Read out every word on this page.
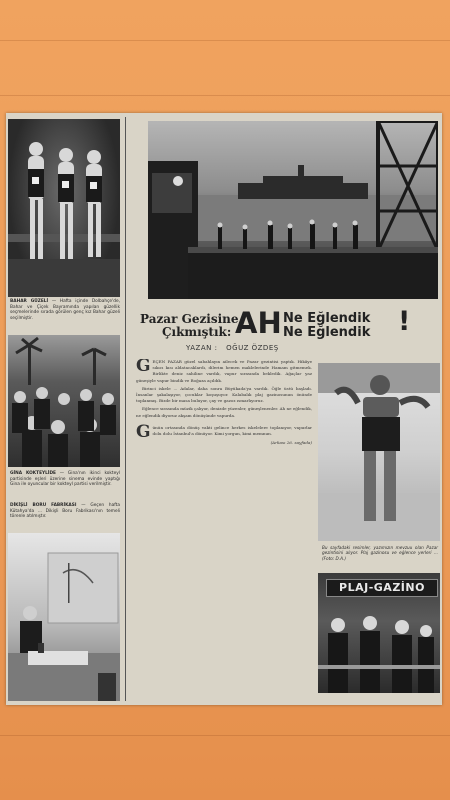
BAHAR GÜZELİ — Hafta içinde Dolbahçe'de, Bahar ve Çiçek Bayramında yapılan güzellik seçmelerinde sırada görülen genç kız Bahar güzeli seçilmiştir.
GİNA KOKTEYLİDE — Gina'nın ikinci kokteyl partisinde eşleri üzerine sinema evinde yaptığı Gina ile oyuncular bir kokteyl partisi verilmiştir.
DİKİŞLİ BORU FABRİKASI — Geçen hafta Kütahya'da ... Dikişli Boru Fabrikası'nın temeli törenle atılmıştır.
Pazar Gezisine
Çıkmıştık: AH Ne Eğlendik
Ne Eğlendik !
YAZAN : OĞUZ ÖZDEŞ
G EÇEN PAZAR güzel sabahlayın ailecek ve Pazar gezintisi yaptık. Hikâye sıkıcı kısı aldatacaklardı, dilerim hemen maklelerinde Hamam gitmemek. Birlikte deniz sahiline vardık, vapur sırasında bekledik. Ağaçlar yaz güneşiyle vapur bindik ve Boğaza açıldık.

Birinci iskele ... Adalar, daha sonra Büyükada'ya vardık. Öğle üstü başladı. İnsanlar şakalaşıyor, çocuklar koşuşuyor. Kalabalık plaj gazinosunun önünde toplanmış. Bizde bir masa buluyor, çay ve gazoz ısmarlıyoruz.

Eğlence sırasında müzik çalıyor, denizde yüzenler, güneşlenenler. Ah ne eğlendik, ne eğlendik diyoruz akşam dönüşünde vapurda.

G ünün ortasında dönüş vakti gelince herkes iskelelere toplanıyor, vapurlar dolu dolu İstanbul'a dönüyor. Kimi yorgun, kimi memnun.
(Arkası 26. sayfada)
Bu sayfadaki resimler, yazımızın mevzuu olan Pazar gezintisini alıyor. Plaj gazinosu ve eğlence yerleri ... (Foto: D.A.)
PLAJ-GAZİNO
